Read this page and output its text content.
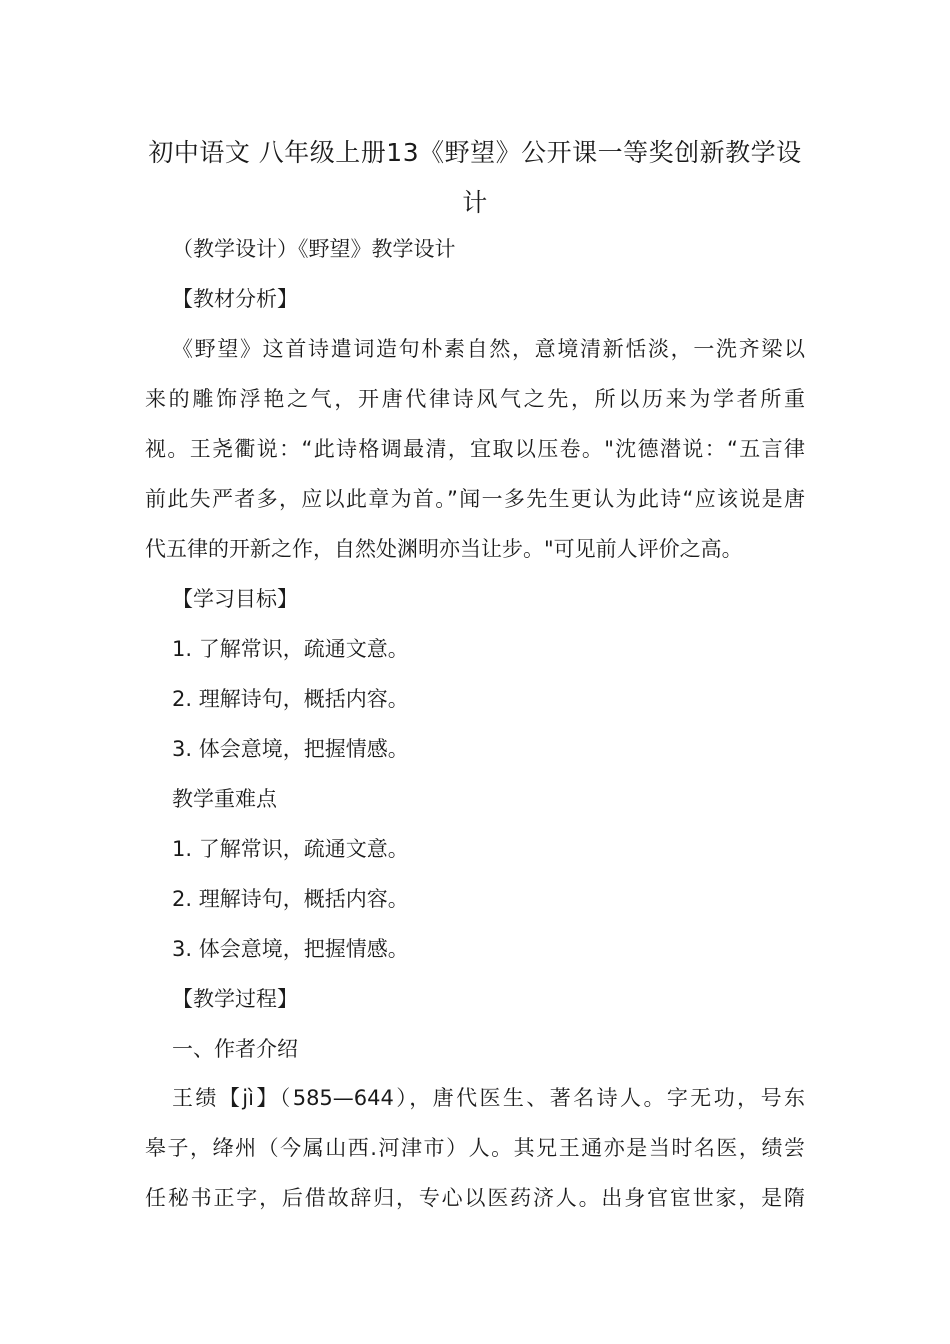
初中语文 八年级上册13《野望》公开课一等奖创新教学设计
（教学设计）《野望》教学设计
【教材分析】
《野望》这首诗遣词造句朴素自然，意境清新恬淡，一洗齐梁以
来的雕饰浮艳之气，开唐代律诗风气之先，所以历来为学者所重
视。王尧衢说：“此诗格调最清，宜取以压卷。"沈德潜说：“五言律
前此失严者多，应以此章为首。”闻一多先生更认为此诗“应该说是唐
代五律的开新之作，自然处渊明亦当让步。"可见前人评价之高。
【学习目标】
1. 了解常识，疏通文意。
2. 理解诗句，概括内容。
3. 体会意境，把握情感。
教学重难点
1. 了解常识，疏通文意。
2. 理解诗句，概括内容。
3. 体会意境，把握情感。
【教学过程】
一、作者介绍
王绩【jì】（585—644），唐代医生、著名诗人。字无功，号东
皋子，绛州（今属山西.河津市）人。其兄王通亦是当时名医，绩尝
任秘书正字，后借故辞归，专心以医药济人。出身官宦世家，是隋
